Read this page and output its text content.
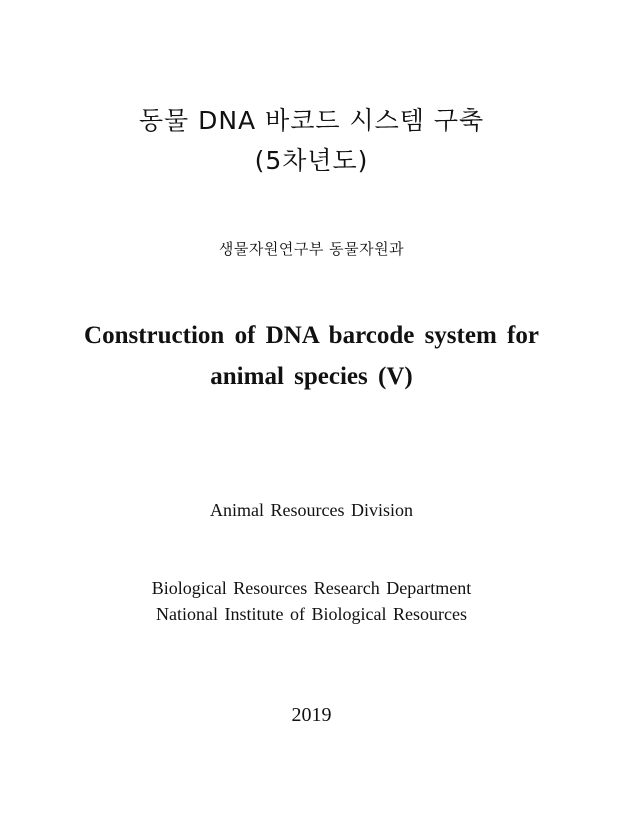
동물 DNA 바코드 시스템 구축
(5차년도)
생물자원연구부 동물자원과
Construction of DNA barcode system for
animal species (V)
Animal Resources Division
Biological Resources Research Department
National Institute of Biological Resources
2019
